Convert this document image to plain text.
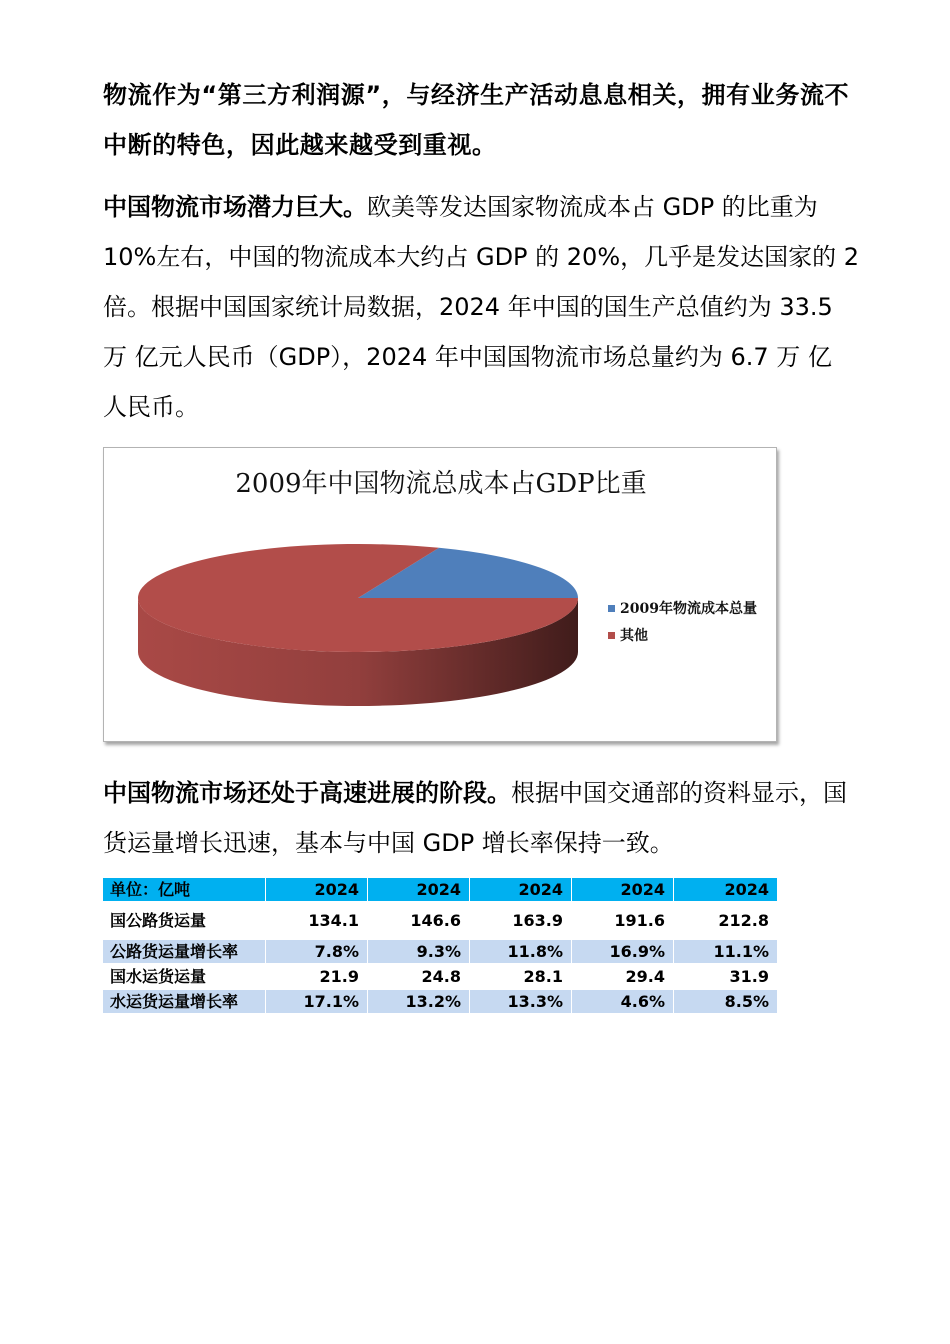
物流作为“第三方利润源”，与经济生产活动息息相关，拥有业务流不
中断的特色，因此越来越受到重视。
中国物流市场潜力巨大。欧美等发达国家物流成本占 GDP 的比重为
10%左右，中国的物流成本大约占 GDP 的 20%，几乎是发达国家的 2
倍。根据中国国家统计局数据，2024 年中国的国生产总值约为 33.5
万 亿元人民币（GDP），2024 年中国国物流市场总量约为 6.7 万 亿
人民币。
2009年中国物流总成本占GDP比重
2009年物流成本总量
其他
中国物流市场还处于高速进展的阶段。根据中国交通部的资料显示，国
货运量增长迅速，基本与中国 GDP 增长率保持一致。
单位：亿吨	2024	2024	2024	2024	2024
国公路货运量	134.1	146.6	163.9	191.6	212.8
公路货运量增长率	7.8%	9.3%	11.8%	16.9%	11.1%
国水运货运量	21.9	24.8	28.1	29.4	31.9
水运货运量增长率	17.1%	13.2%	13.3%	4.6%	8.5%
